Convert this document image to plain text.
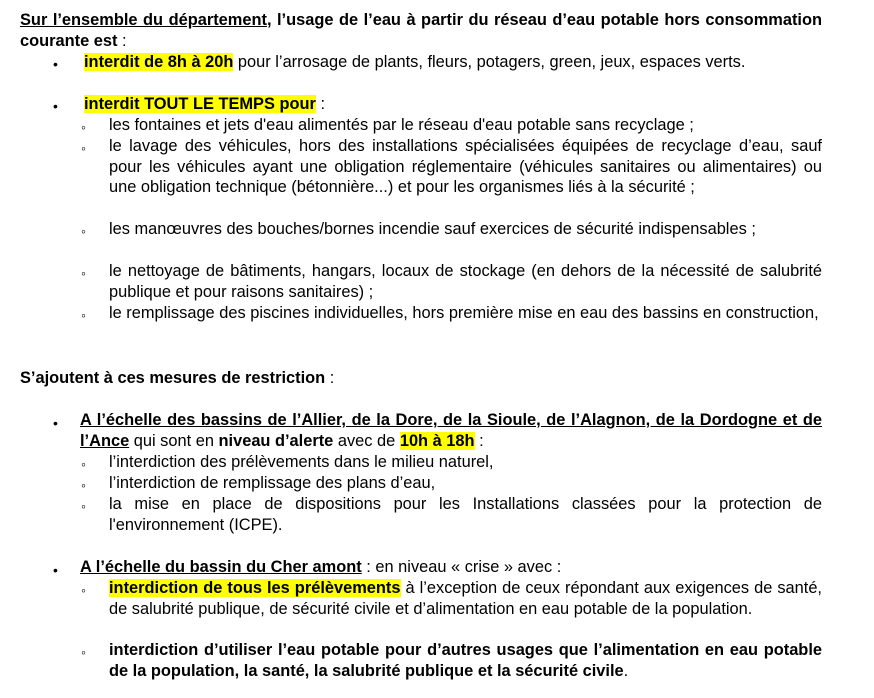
Sur l’ensemble du département, l’usage de l’eau à partir du réseau d’eau potable hors consommation courante est :
• interdit de 8h à 20h pour l’arrosage de plants, fleurs, potagers, green, jeux, espaces verts.
• interdit TOUT LE TEMPS pour :
◦ les fontaines et jets d'eau alimentés par le réseau d'eau potable sans recyclage ;
◦ le lavage des véhicules, hors des installations spécialisées équipées de recyclage d’eau, sauf pour les véhicules ayant une obligation réglementaire (véhicules sanitaires ou alimentaires) ou une obligation technique (bétonnière...) et pour les organismes liés à la sécurité ;
◦ les manœuvres des bouches/bornes incendie sauf exercices de sécurité indispensables ;
◦ le nettoyage de bâtiments, hangars, locaux de stockage (en dehors de la nécessité de salubrité publique et pour raisons sanitaires) ;
◦ le remplissage des piscines individuelles, hors première mise en eau des bassins en construction,
S’ajoutent à ces mesures de restriction :
• A l’échelle des bassins de l’Allier, de la Dore, de la Sioule, de l’Alagnon, de la Dordogne et de l’Ance qui sont en niveau d’alerte avec de 10h à 18h :
◦ l’interdiction des prélèvements dans le milieu naturel,
◦ l’interdiction de remplissage des plans d’eau,
◦ la mise en place de dispositions pour les Installations classées pour la protection de l'environnement (ICPE).
• A l’échelle du bassin du Cher amont : en niveau « crise » avec :
◦ interdiction de tous les prélèvements à l’exception de ceux répondant aux exigences de santé, de salubrité publique, de sécurité civile et d’alimentation en eau potable de la population.
◦ interdiction d’utiliser l’eau potable pour d’autres usages que l’alimentation en eau potable de la population, la santé, la salubrité publique et la sécurité civile.
